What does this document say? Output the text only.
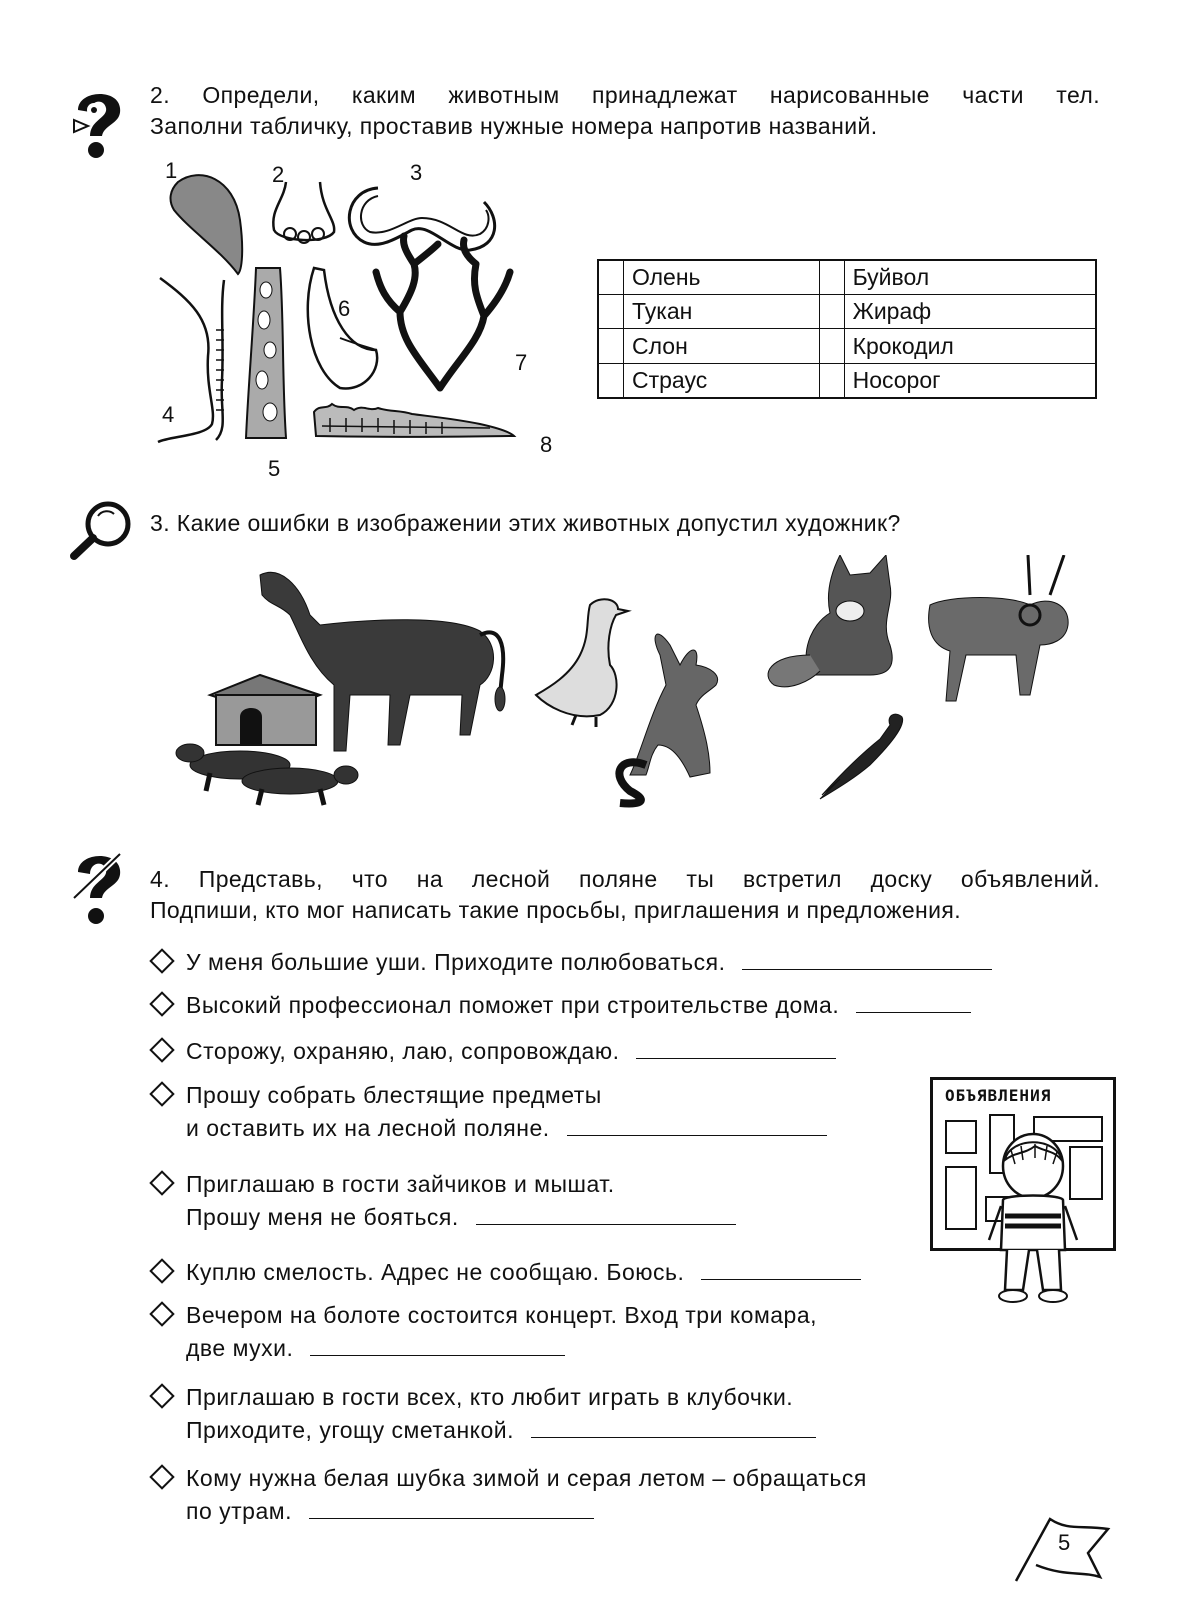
2. Определи, каким животным принадлежат нарисованные части тел.
Заполни табличку, проставив нужные номера напротив названий.
1	2	3
4
5
6
7
8
	Олень		Буйвол
	Тукан		Жираф
	Слон		Крокодил
	Страус		Носорог
3. Какие ошибки в изображении этих животных допустил художник?
4. Представь, что на лесной поляне ты встретил доску объявлений.
Подпиши, кто мог написать такие просьбы, приглашения и предложения.
У меня большие уши. Приходите полюбоваться.
Высокий профессионал поможет при строительстве дома.
Сторожу, охраняю, лаю, сопровождаю.
Прошу собрать блестящие предметы
и оставить их на лесной поляне.
Приглашаю в гости зайчиков и мышат.
Прошу меня не бояться.
Куплю смелость. Адрес не сообщаю. Боюсь.
Вечером на болоте состоится концерт. Вход три комара,
две мухи.
Приглашаю в гости всех, кто любит играть в клубочки.
Приходите, угощу сметанкой.
Кому нужна белая шубка зимой и серая летом – обращаться
по утрам.
ОБЪЯВЛЕНИЯ
5
